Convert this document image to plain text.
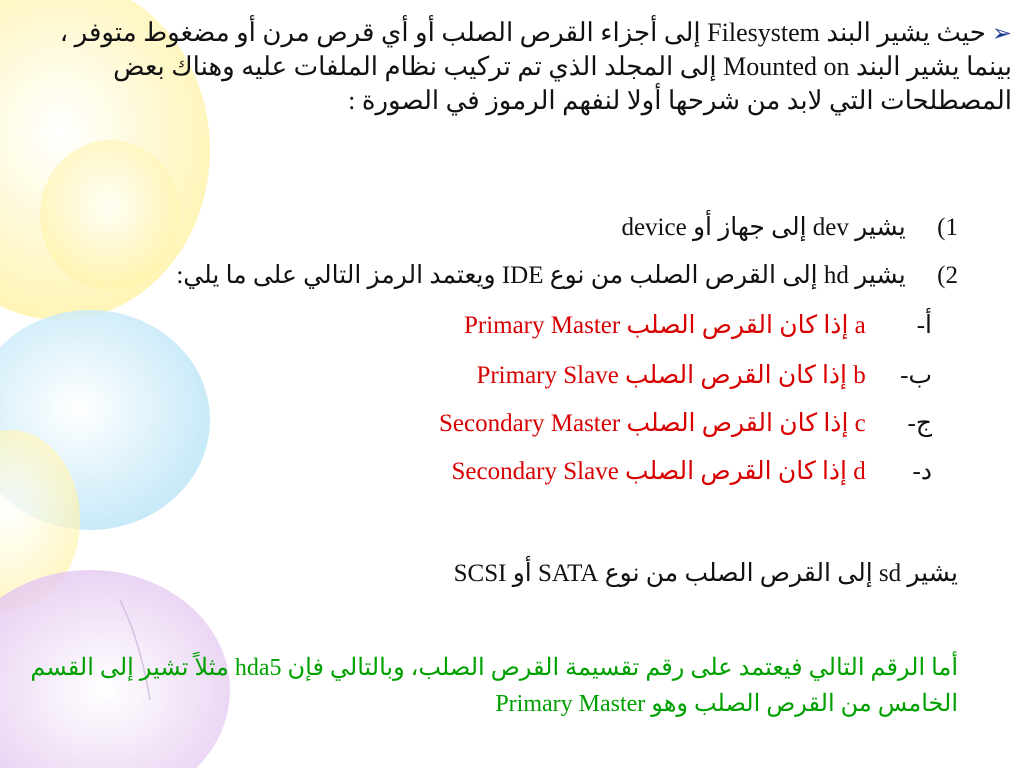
➢حيث يشير البند Filesystem إلى أجزاء القرص الصلب أو أي قرص مرن أو مضغوط متوفر ، بينما يشير البند Mounted on إلى المجلد الذي تم تركيب نظام الملفات عليه وهناك بعض المصطلحات التي لابد من شرحها أولا لنفهم الرموز في الصورة :
1) يشير dev إلى جهاز أو device
2) يشير hd إلى القرص الصلب من نوع IDE ويعتمد الرمز التالي على ما يلي:
أ- a إذا كان القرص الصلب Primary Master
ب- b إذا كان القرص الصلب Primary Slave
ج- c إذا كان القرص الصلب Secondary Master
د- d إذا كان القرص الصلب Secondary Slave
يشير sd إلى القرص الصلب من نوع SATA أو SCSI
أما الرقم التالي فيعتمد على رقم تقسيمة القرص الصلب، وبالتالي فإن hda5 مثلاً تشير إلى القسم الخامس من القرص الصلب وهو Primary Master
